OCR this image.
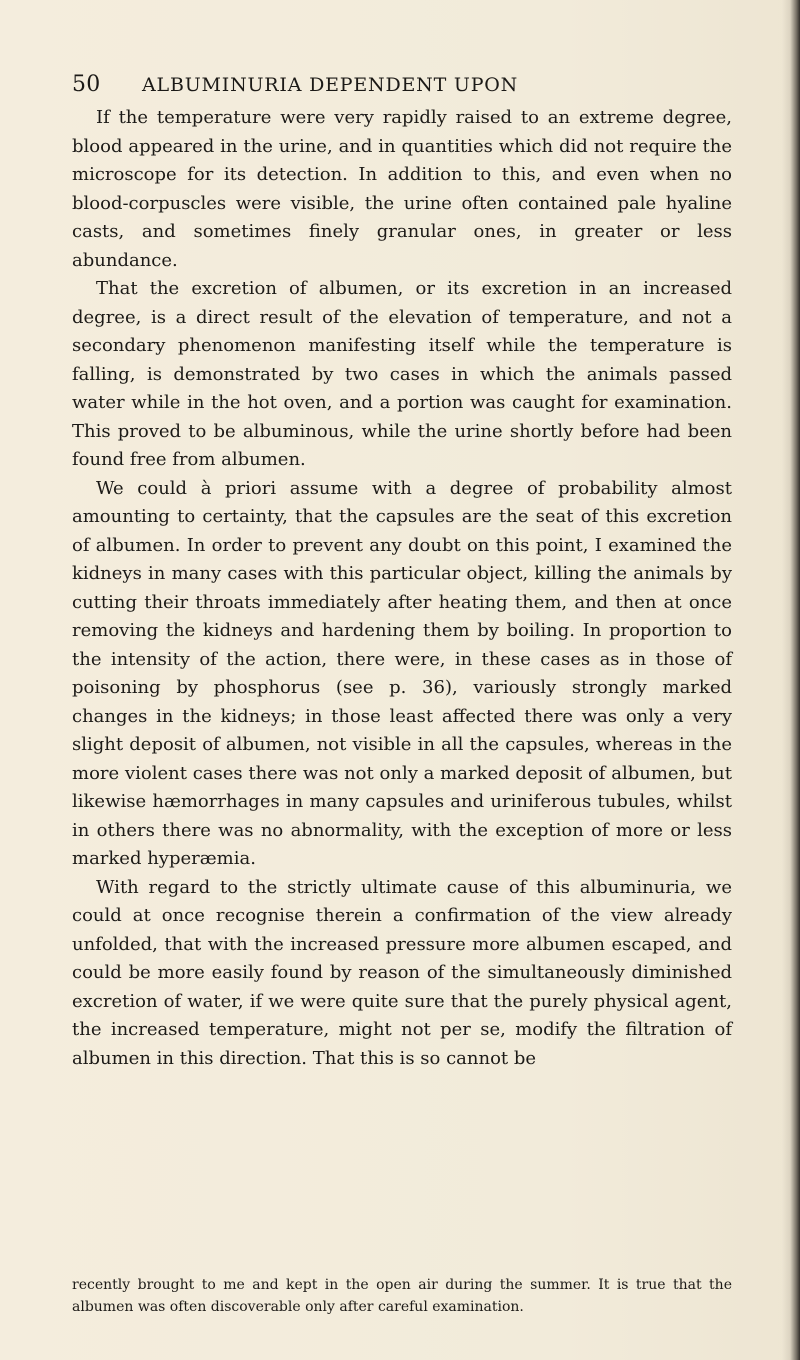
50 ALBUMINURIA DEPENDENT UPON

If the temperature were very rapidly raised to an extreme degree, blood appeared in the urine, and in quantities which did not require the microscope for its detection. In addition to this, and even when no blood-corpuscles were visible, the urine often contained pale hyaline casts, and sometimes finely granular ones, in greater or less abundance.

That the excretion of albumen, or its excretion in an increased degree, is a direct result of the elevation of temperature, and not a secondary phenomenon manifesting itself while the temperature is falling, is demonstrated by two cases in which the animals passed water while in the hot oven, and a portion was caught for examination. This proved to be albuminous, while the urine shortly before had been found free from albumen.

We could à priori assume with a degree of probability almost amounting to certainty, that the capsules are the seat of this excretion of albumen. In order to prevent any doubt on this point, I examined the kidneys in many cases with this particular object, killing the animals by cutting their throats immediately after heating them, and then at once removing the kidneys and hardening them by boiling. In proportion to the intensity of the action, there were, in these cases as in those of poisoning by phosphorus (see p. 36), variously strongly marked changes in the kidneys; in those least affected there was only a very slight deposit of albumen, not visible in all the capsules, whereas in the more violent cases there was not only a marked deposit of albumen, but likewise hæmorrhages in many capsules and uriniferous tubules, whilst in others there was no abnormality, with the exception of more or less marked hyperæmia.

With regard to the strictly ultimate cause of this albuminuria, we could at once recognise therein a confirmation of the view already unfolded, that with the increased pressure more albumen escaped, and could be more easily found by reason of the simultaneously diminished excretion of water, if we were quite sure that the purely physical agent, the increased temperature, might not per se, modify the filtration of albumen in this direction. That this is so cannot be

recently brought to me and kept in the open air during the summer. It is true that the albumen was often discoverable only after careful examination.
